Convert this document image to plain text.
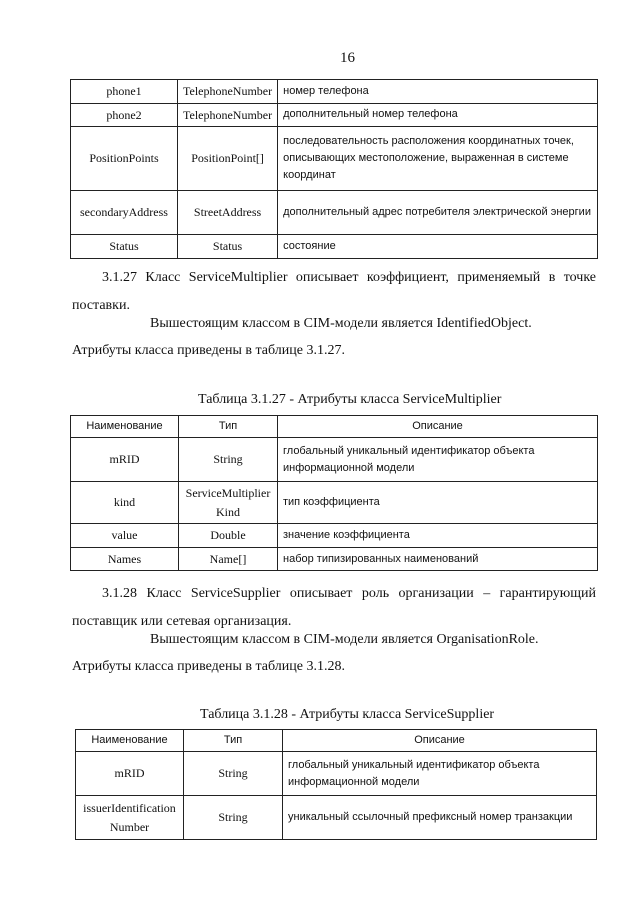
16
phone1	TelephoneNumber	номер телефона
phone2	TelephoneNumber	дополнительный номер телефона
PositionPoints	PositionPoint[]	последовательность расположения координатных точек, описывающих местоположение, выраженная в системе координат
secondaryAddress	StreetAddress	дополнительный адрес потребителя электрической энергии
Status	Status	состояние

3.1.27 Класс ServiceMultiplier описывает коэффициент, применяемый в точке поставки.

Вышестоящим классом в CIM-модели является IdentifiedObject.

Атрибуты класса приведены в таблице 3.1.27.

Таблица 3.1.27 - Атрибуты класса ServiceMultiplier

Наименование	Тип	Описание
mRID	String	глобальный уникальный идентификатор объекта информационной модели
kind	ServiceMultiplierKind	тип коэффициента
value	Double	значение коэффициента
Names	Name[]	набор типизированных наименований

3.1.28 Класс ServiceSupplier описывает роль организации – гарантирующий поставщик или сетевая организация.

Вышестоящим классом в CIM-модели является OrganisationRole.

Атрибуты класса приведены в таблице 3.1.28.

Таблица 3.1.28 - Атрибуты класса ServiceSupplier

Наименование	Тип	Описание
mRID	String	глобальный уникальный идентификатор объекта информационной модели
issuerIdentificationNumber	String	уникальный ссылочный префиксный номер транзакции
